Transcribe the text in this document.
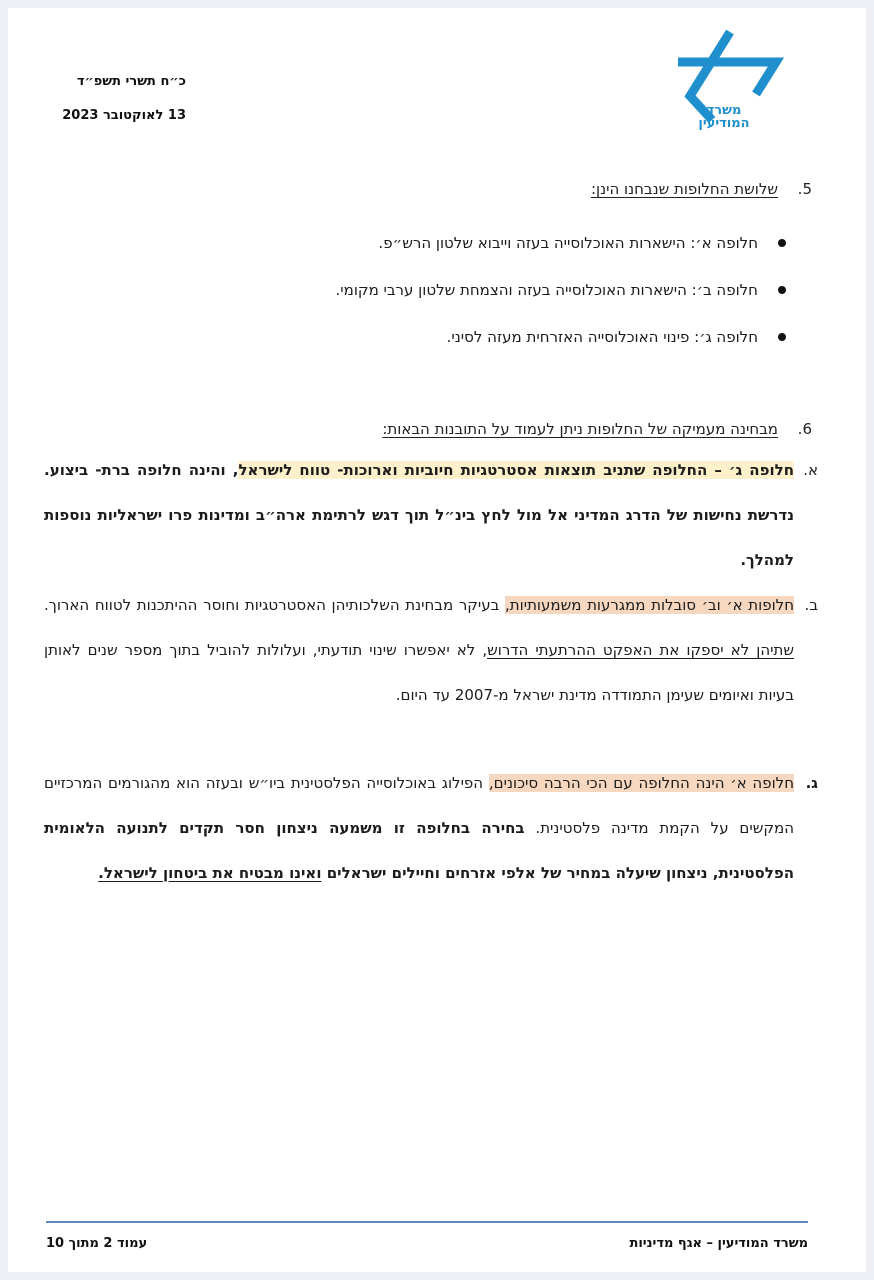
משרד
המודיעין
כ״ח תשרי תשפ״ד
13 לאוקטובר 2023
5.שלושת החלופות שנבחנו הינן:
חלופה א׳: הישארות האוכלוסייה בעזה וייבוא שלטון הרש״פ.
חלופה ב׳: הישארות האוכלוסייה בעזה והצמחת שלטון ערבי מקומי.
חלופה ג׳: פינוי האוכלוסייה האזרחית מעזה לסיני.
6.מבחינה מעמיקה של החלופות ניתן לעמוד על התובנות הבאות:
א.
חלופה ג׳ – החלופה שתניב תוצאות אסטרטגיות חיוביות וארוכות- טווח לישראל, והינה חלופה ברת- ביצוע. נדרשת נחישות של הדרג המדיני אל מול לחץ בינ״ל תוך דגש לרתימת ארה״ב ומדינות פרו ישראליות נוספות למהלך.
ב.
חלופות א׳ וב׳ סובלות ממגרעות משמעותיות, בעיקר מבחינת השלכותיהן האסטרטגיות וחוסר ההיתכנות לטווח הארוך. שתיהן לא יספקו את האפקט ההרתעתי הדרוש, לא יאפשרו שינוי תודעתי, ועלולות להוביל בתוך מספר שנים לאותן בעיות ואיומים שעימן התמודדה מדינת ישראל מ-2007 עד היום.
ג.
חלופה א׳ הינה החלופה עם הכי הרבה סיכונים, הפילוג באוכלוסייה הפלסטינית ביו״ש ובעזה הוא מהגורמים המרכזיים המקשים על הקמת מדינה פלסטינית. בחירה בחלופה זו משמעה ניצחון חסר תקדים לתנועה הלאומית הפלסטינית, ניצחון שיעלה במחיר של אלפי אזרחים וחיילים ישראלים ואינו מבטיח את ביטחון לישראל.
עמוד 2 מתוך 10	משרד המודיעין – אגף מדיניות
